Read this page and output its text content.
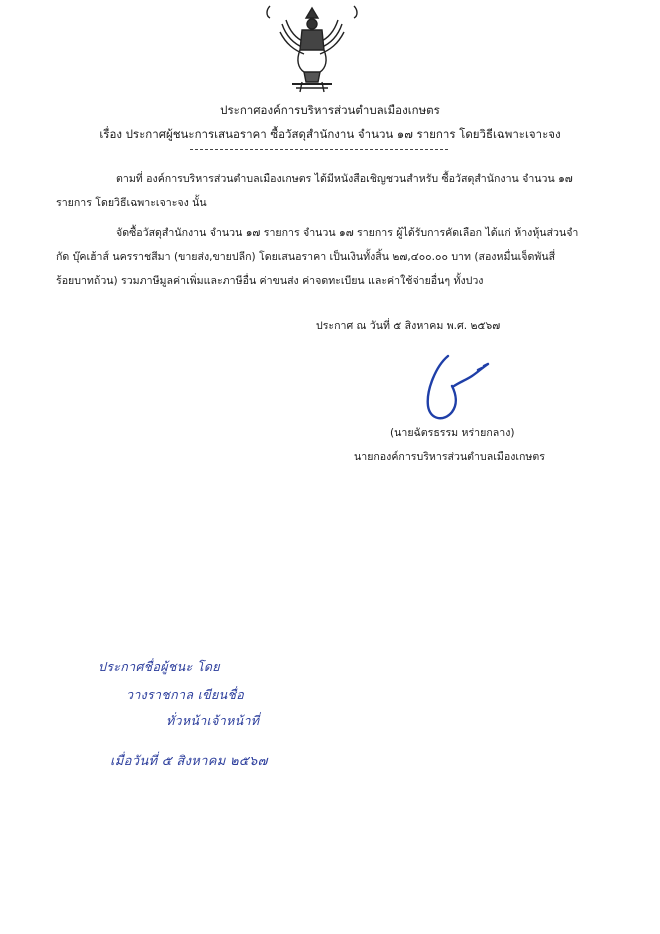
ประกาศองค์การบริหารส่วนตำบลเมืองเกษตร
เรื่อง ประกาศผู้ชนะการเสนอราคา ซื้อวัสดุสำนักงาน จำนวน ๑๗ รายการ โดยวิธีเฉพาะเจาะจง
ตามที่ องค์การบริหารส่วนตำบลเมืองเกษตร ได้มีหนังสือเชิญชวนสำหรับ ซื้อวัสดุสำนักงาน จำนวน ๑๗
รายการ โดยวิธีเฉพาะเจาะจง นั้น
จัดซื้อวัสดุสำนักงาน จำนวน ๑๗ รายการ จำนวน ๑๗ รายการ ผู้ได้รับการคัดเลือก ได้แก่ ห้างหุ้นส่วนจำ
กัด บุ๊คเฮ้าส์ นครราชสีมา (ขายส่ง,ขายปลีก) โดยเสนอราคา เป็นเงินทั้งสิ้น ๒๗,๔๐๐.๐๐ บาท (สองหมื่นเจ็ดพันสี่
ร้อยบาทถ้วน) รวมภาษีมูลค่าเพิ่มและภาษีอื่น ค่าขนส่ง ค่าจดทะเบียน และค่าใช้จ่ายอื่นๆ ทั้งปวง
ประกาศ ณ วันที่ ๕ สิงหาคม พ.ศ. ๒๕๖๗
(นายฉัตรธรรม หร่ายกลาง)
นายกองค์การบริหารส่วนตำบลเมืองเกษตร
ประกาศชื่อผู้ชนะ โดย
วางราชกาล เขียนชื่อ
ทั่วหน้าเจ้าหน้าที่
เมื่อวันที่ ๕ สิงหาคม ๒๕๖๗
